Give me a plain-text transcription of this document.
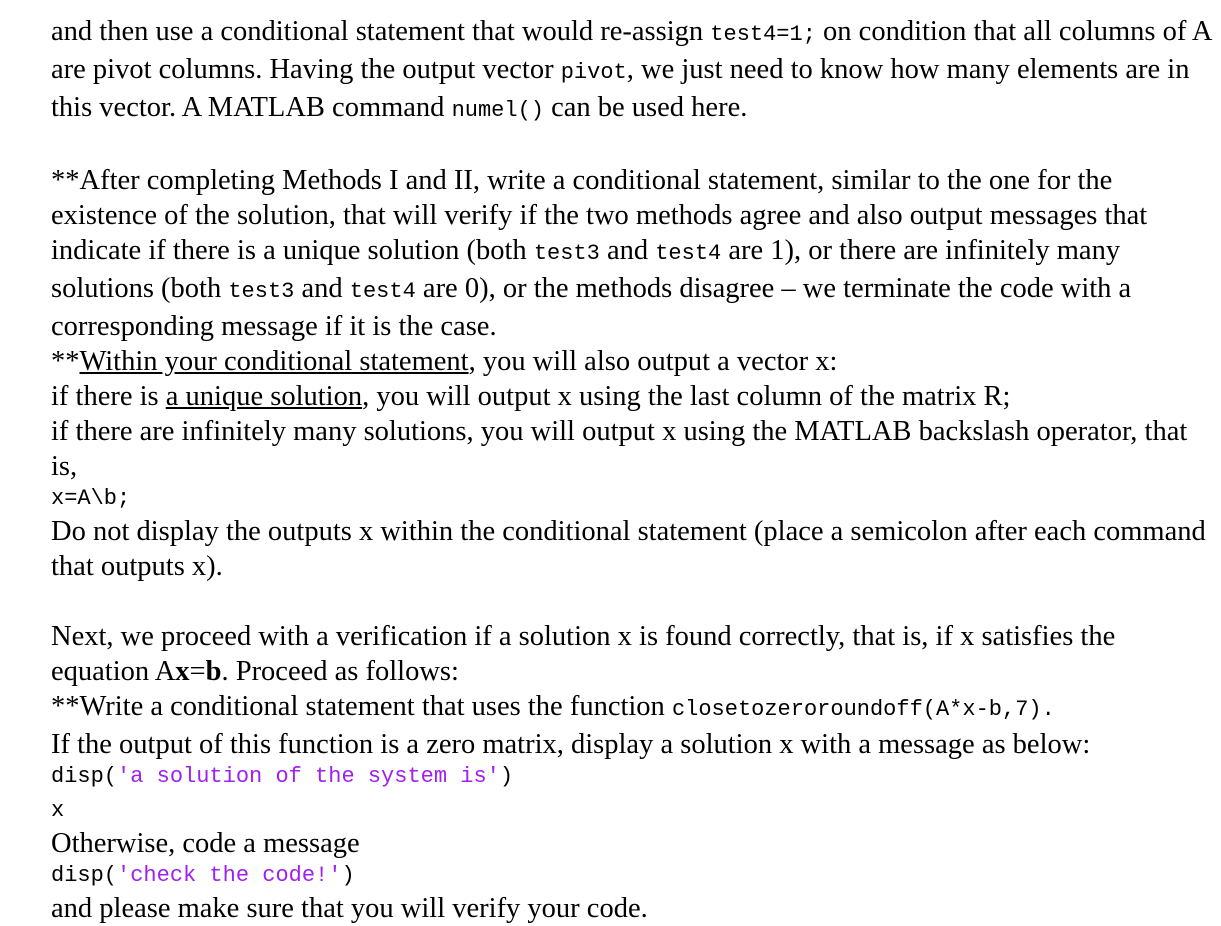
and then use a conditional statement that would re-assign test4=1; on condition that all columns of A are pivot columns. Having the output vector pivot, we just need to know how many elements are in this vector. A MATLAB command numel() can be used here.

**After completing Methods I and II, write a conditional statement, similar to the one for the existence of the solution, that will verify if the two methods agree and also output messages that indicate if there is a unique solution (both test3 and test4 are 1), or there are infinitely many solutions (both test3 and test4 are 0), or the methods disagree – we terminate the code with a corresponding message if it is the case.

**Within your conditional statement, you will also output a vector x:
if there is a unique solution, you will output x using the last column of the matrix R;
if there are infinitely many solutions, you will output x using the MATLAB backslash operator, that is,

x=A\b;

Do not display the outputs x within the conditional statement (place a semicolon after each command that outputs x).

Next, we proceed with a verification if a solution x is found correctly, that is, if x satisfies the equation Ax=b. Proceed as follows:
**Write a conditional statement that uses the function closetozeroroundoff(A*x-b,7).
If the output of this function is a zero matrix, display a solution x with a message as below:

disp('a solution of the system is')
x

Otherwise, code a message

disp('check the code!')

and please make sure that you will verify your code.
